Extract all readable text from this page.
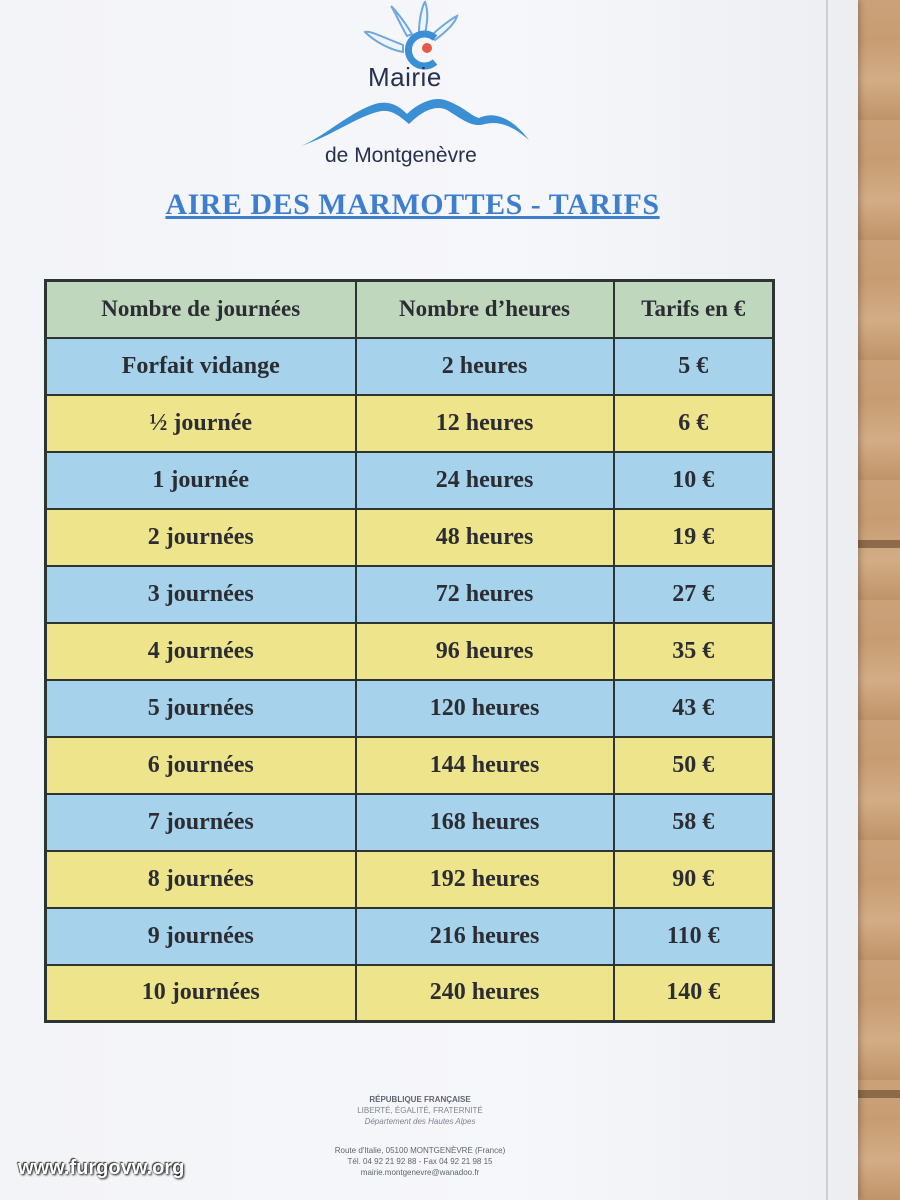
Mairie
de Montgenèvre
AIRE DES MARMOTTES - TARIFS
Nombre de journées	Nombre d’heures	Tarifs en €
Forfait vidange	2 heures	5 €
½ journée	12 heures	6 €
1 journée	24 heures	10 €
2 journées	48 heures	19 €
3 journées	72 heures	27 €
4 journées	96 heures	35 €
5 journées	120 heures	43 €
6 journées	144 heures	50 €
7 journées	168 heures	58 €
8 journées	192 heures	90 €
9 journées	216 heures	110 €
10 journées	240 heures	140 €
RÉPUBLIQUE FRANÇAISE
LIBERTÉ, ÉGALITÉ, FRATERNITÉ
Département des Hautes Alpes
Route d'Italie, 05100 MONTGENÈVRE (France)
Tél. 04 92 21 92 88 - Fax 04 92 21 98 15
mairie.montgenevre@wanadoo.fr
www.furgovw.org
